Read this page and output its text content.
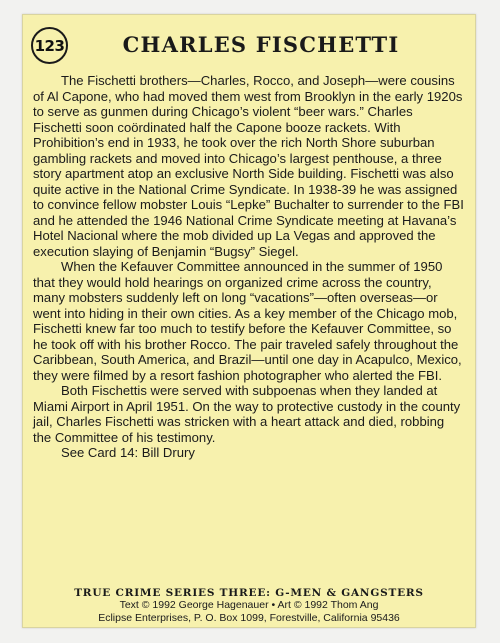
123	CHARLES FISCHETTI

The Fischetti brothers—Charles, Rocco, and Joseph—were cousins of Al Capone, who had moved them west from Brooklyn in the early 1920s to serve as gunmen during Chicago’s violent “beer wars.” Charles Fischetti soon coördinated half the Capone booze rackets. With Prohibition’s end in 1933, he took over the rich North Shore suburban gambling rackets and moved into Chicago’s largest penthouse, a three story apartment atop an exclusive North Side building. Fischetti was also quite active in the National Crime Syndicate. In 1938-39 he was assigned to convince fellow mobster Louis “Lepke” Buchalter to surrender to the FBI and he attended the 1946 National Crime Syndicate meeting at Havana’s Hotel Nacional where the mob divided up La Vegas and approved the execution slaying of Benjamin “Bugsy” Siegel.

When the Kefauver Committee announced in the summer of 1950 that they would hold hearings on organized crime across the country, many mobsters suddenly left on long “vacations”—often overseas—or went into hiding in their own cities. As a key member of the Chicago mob, Fischetti knew far too much to testify before the Kefauver Committee, so he took off with his brother Rocco. The pair traveled safely throughout the Caribbean, South America, and Brazil—until one day in Acapulco, Mexico, they were filmed by a resort fashion photographer who alerted the FBI.

Both Fischettis were served with subpoenas when they landed at Miami Airport in April 1951. On the way to protective custody in the county jail, Charles Fischetti was stricken with a heart attack and died, robbing the Committee of his testimony.

See Card 14: Bill Drury
TRUE CRIME SERIES THREE: G-MEN & GANGSTERS
Text © 1992 George Hagenauer • Art © 1992 Thom Ang
Eclipse Enterprises, P. O. Box 1099, Forestville, California 95436
